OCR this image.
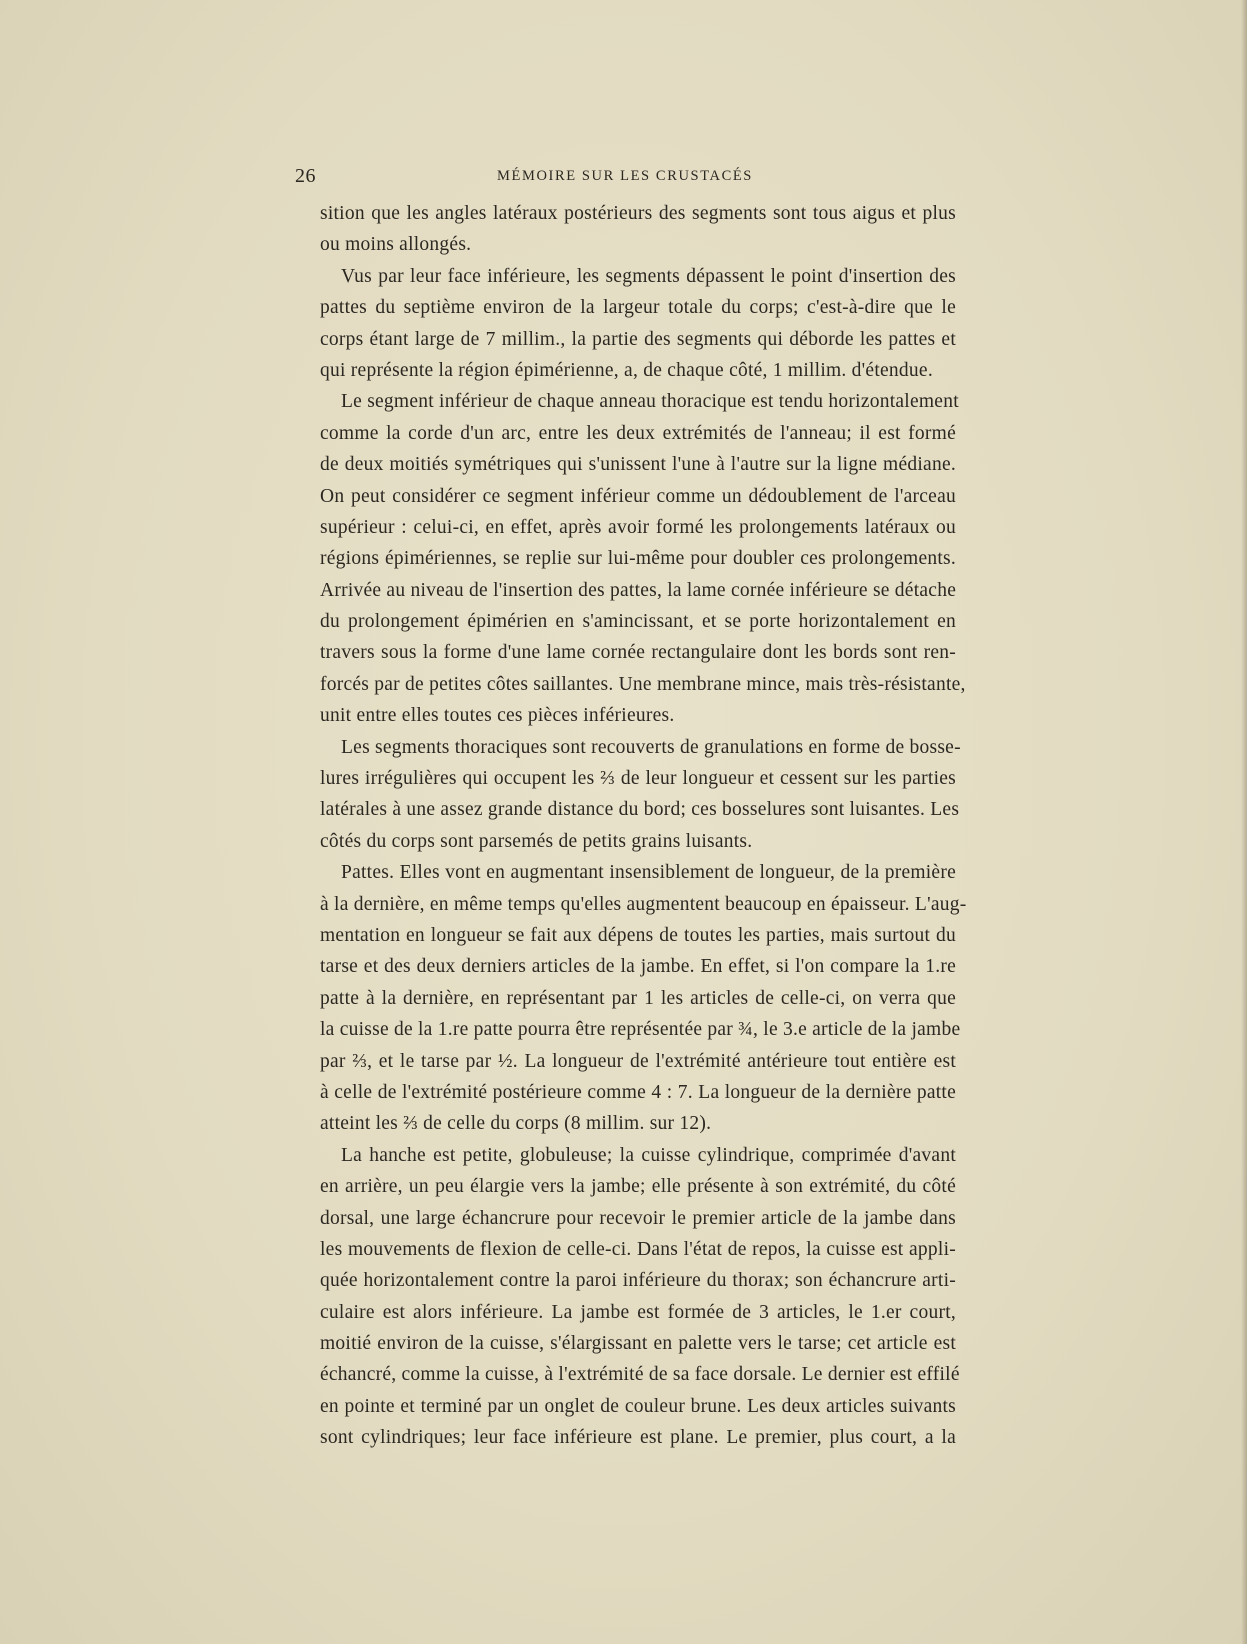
26	MÉMOIRE SUR LES CRUSTACÉS
sition que les angles latéraux postérieurs des segments sont tous aigus et plus
ou moins allongés.
Vus par leur face inférieure, les segments dépassent le point d'insertion des
pattes du septième environ de la largeur totale du corps; c'est-à-dire que le
corps étant large de 7 millim., la partie des segments qui déborde les pattes et
qui représente la région épimérienne, a, de chaque côté, 1 millim. d'étendue.
Le segment inférieur de chaque anneau thoracique est tendu horizontalement
comme la corde d'un arc, entre les deux extrémités de l'anneau; il est formé
de deux moitiés symétriques qui s'unissent l'une à l'autre sur la ligne médiane.
On peut considérer ce segment inférieur comme un dédoublement de l'arceau
supérieur : celui-ci, en effet, après avoir formé les prolongements latéraux ou
régions épimériennes, se replie sur lui-même pour doubler ces prolongements.
Arrivée au niveau de l'insertion des pattes, la lame cornée inférieure se détache
du prolongement épimérien en s'amincissant, et se porte horizontalement en
travers sous la forme d'une lame cornée rectangulaire dont les bords sont ren-
forcés par de petites côtes saillantes. Une membrane mince, mais très-résistante,
unit entre elles toutes ces pièces inférieures.
Les segments thoraciques sont recouverts de granulations en forme de bosse-
lures irrégulières qui occupent les ⅔ de leur longueur et cessent sur les parties
latérales à une assez grande distance du bord; ces bosselures sont luisantes. Les
côtés du corps sont parsemés de petits grains luisants.
Pattes. Elles vont en augmentant insensiblement de longueur, de la première
à la dernière, en même temps qu'elles augmentent beaucoup en épaisseur. L'aug-
mentation en longueur se fait aux dépens de toutes les parties, mais surtout du
tarse et des deux derniers articles de la jambe. En effet, si l'on compare la 1.re
patte à la dernière, en représentant par 1 les articles de celle-ci, on verra que
la cuisse de la 1.re patte pourra être représentée par ¾, le 3.e article de la jambe
par ⅔, et le tarse par ½. La longueur de l'extrémité antérieure tout entière est
à celle de l'extrémité postérieure comme 4 : 7. La longueur de la dernière patte
atteint les ⅔ de celle du corps (8 millim. sur 12).
La hanche est petite, globuleuse; la cuisse cylindrique, comprimée d'avant
en arrière, un peu élargie vers la jambe; elle présente à son extrémité, du côté
dorsal, une large échancrure pour recevoir le premier article de la jambe dans
les mouvements de flexion de celle-ci. Dans l'état de repos, la cuisse est appli-
quée horizontalement contre la paroi inférieure du thorax; son échancrure arti-
culaire est alors inférieure. La jambe est formée de 3 articles, le 1.er court,
moitié environ de la cuisse, s'élargissant en palette vers le tarse; cet article est
échancré, comme la cuisse, à l'extrémité de sa face dorsale. Le dernier est effilé
en pointe et terminé par un onglet de couleur brune. Les deux articles suivants
sont cylindriques; leur face inférieure est plane. Le premier, plus court, a la
